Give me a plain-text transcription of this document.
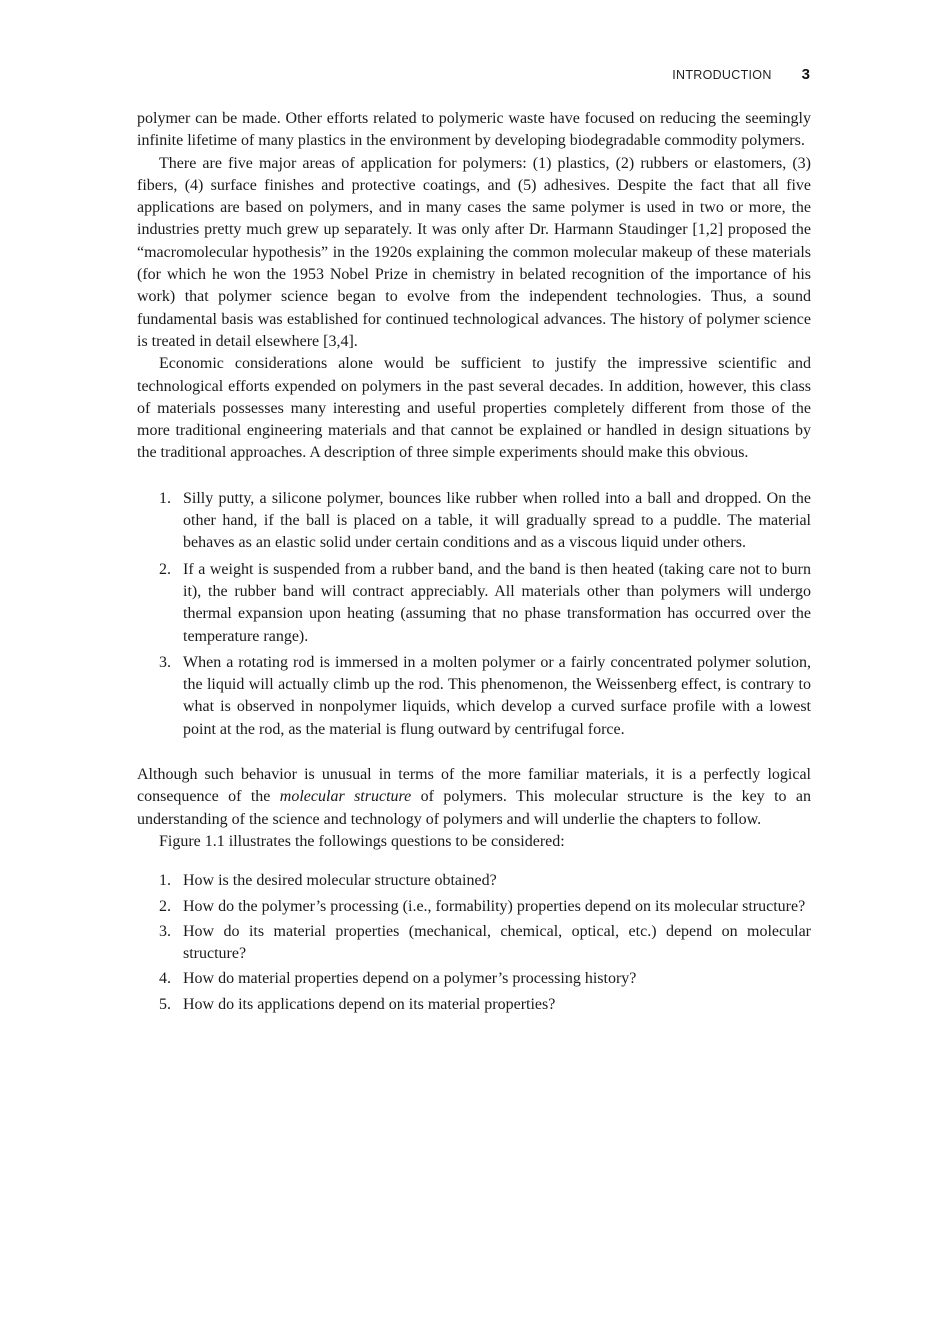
INTRODUCTION 3

polymer can be made. Other efforts related to polymeric waste have focused on reducing the seemingly infinite lifetime of many plastics in the environment by developing biodegradable commodity polymers.

There are five major areas of application for polymers: (1) plastics, (2) rubbers or elastomers, (3) fibers, (4) surface finishes and protective coatings, and (5) adhesives. Despite the fact that all five applications are based on polymers, and in many cases the same polymer is used in two or more, the industries pretty much grew up separately. It was only after Dr. Harmann Staudinger [1,2] proposed the “macromolecular hypothesis” in the 1920s explaining the common molecular makeup of these materials (for which he won the 1953 Nobel Prize in chemistry in belated recognition of the importance of his work) that polymer science began to evolve from the independent technologies. Thus, a sound fundamental basis was established for continued technological advances. The history of polymer science is treated in detail elsewhere [3,4].

Economic considerations alone would be sufficient to justify the impressive scientific and technological efforts expended on polymers in the past several decades. In addition, however, this class of materials possesses many interesting and useful properties completely different from those of the more traditional engineering materials and that cannot be explained or handled in design situations by the traditional approaches. A description of three simple experiments should make this obvious.

1. Silly putty, a silicone polymer, bounces like rubber when rolled into a ball and dropped. On the other hand, if the ball is placed on a table, it will gradually spread to a puddle. The material behaves as an elastic solid under certain conditions and as a viscous liquid under others.
2. If a weight is suspended from a rubber band, and the band is then heated (taking care not to burn it), the rubber band will contract appreciably. All materials other than polymers will undergo thermal expansion upon heating (assuming that no phase transformation has occurred over the temperature range).
3. When a rotating rod is immersed in a molten polymer or a fairly concentrated polymer solution, the liquid will actually climb up the rod. This phenomenon, the Weissenberg effect, is contrary to what is observed in nonpolymer liquids, which develop a curved surface profile with a lowest point at the rod, as the material is flung outward by centrifugal force.

Although such behavior is unusual in terms of the more familiar materials, it is a perfectly logical consequence of the molecular structure of polymers. This molecular structure is the key to an understanding of the science and technology of polymers and will underlie the chapters to follow.

Figure 1.1 illustrates the followings questions to be considered:

1. How is the desired molecular structure obtained?
2. How do the polymer’s processing (i.e., formability) properties depend on its molecular structure?
3. How do its material properties (mechanical, chemical, optical, etc.) depend on molecular structure?
4. How do material properties depend on a polymer’s processing history?
5. How do its applications depend on its material properties?
